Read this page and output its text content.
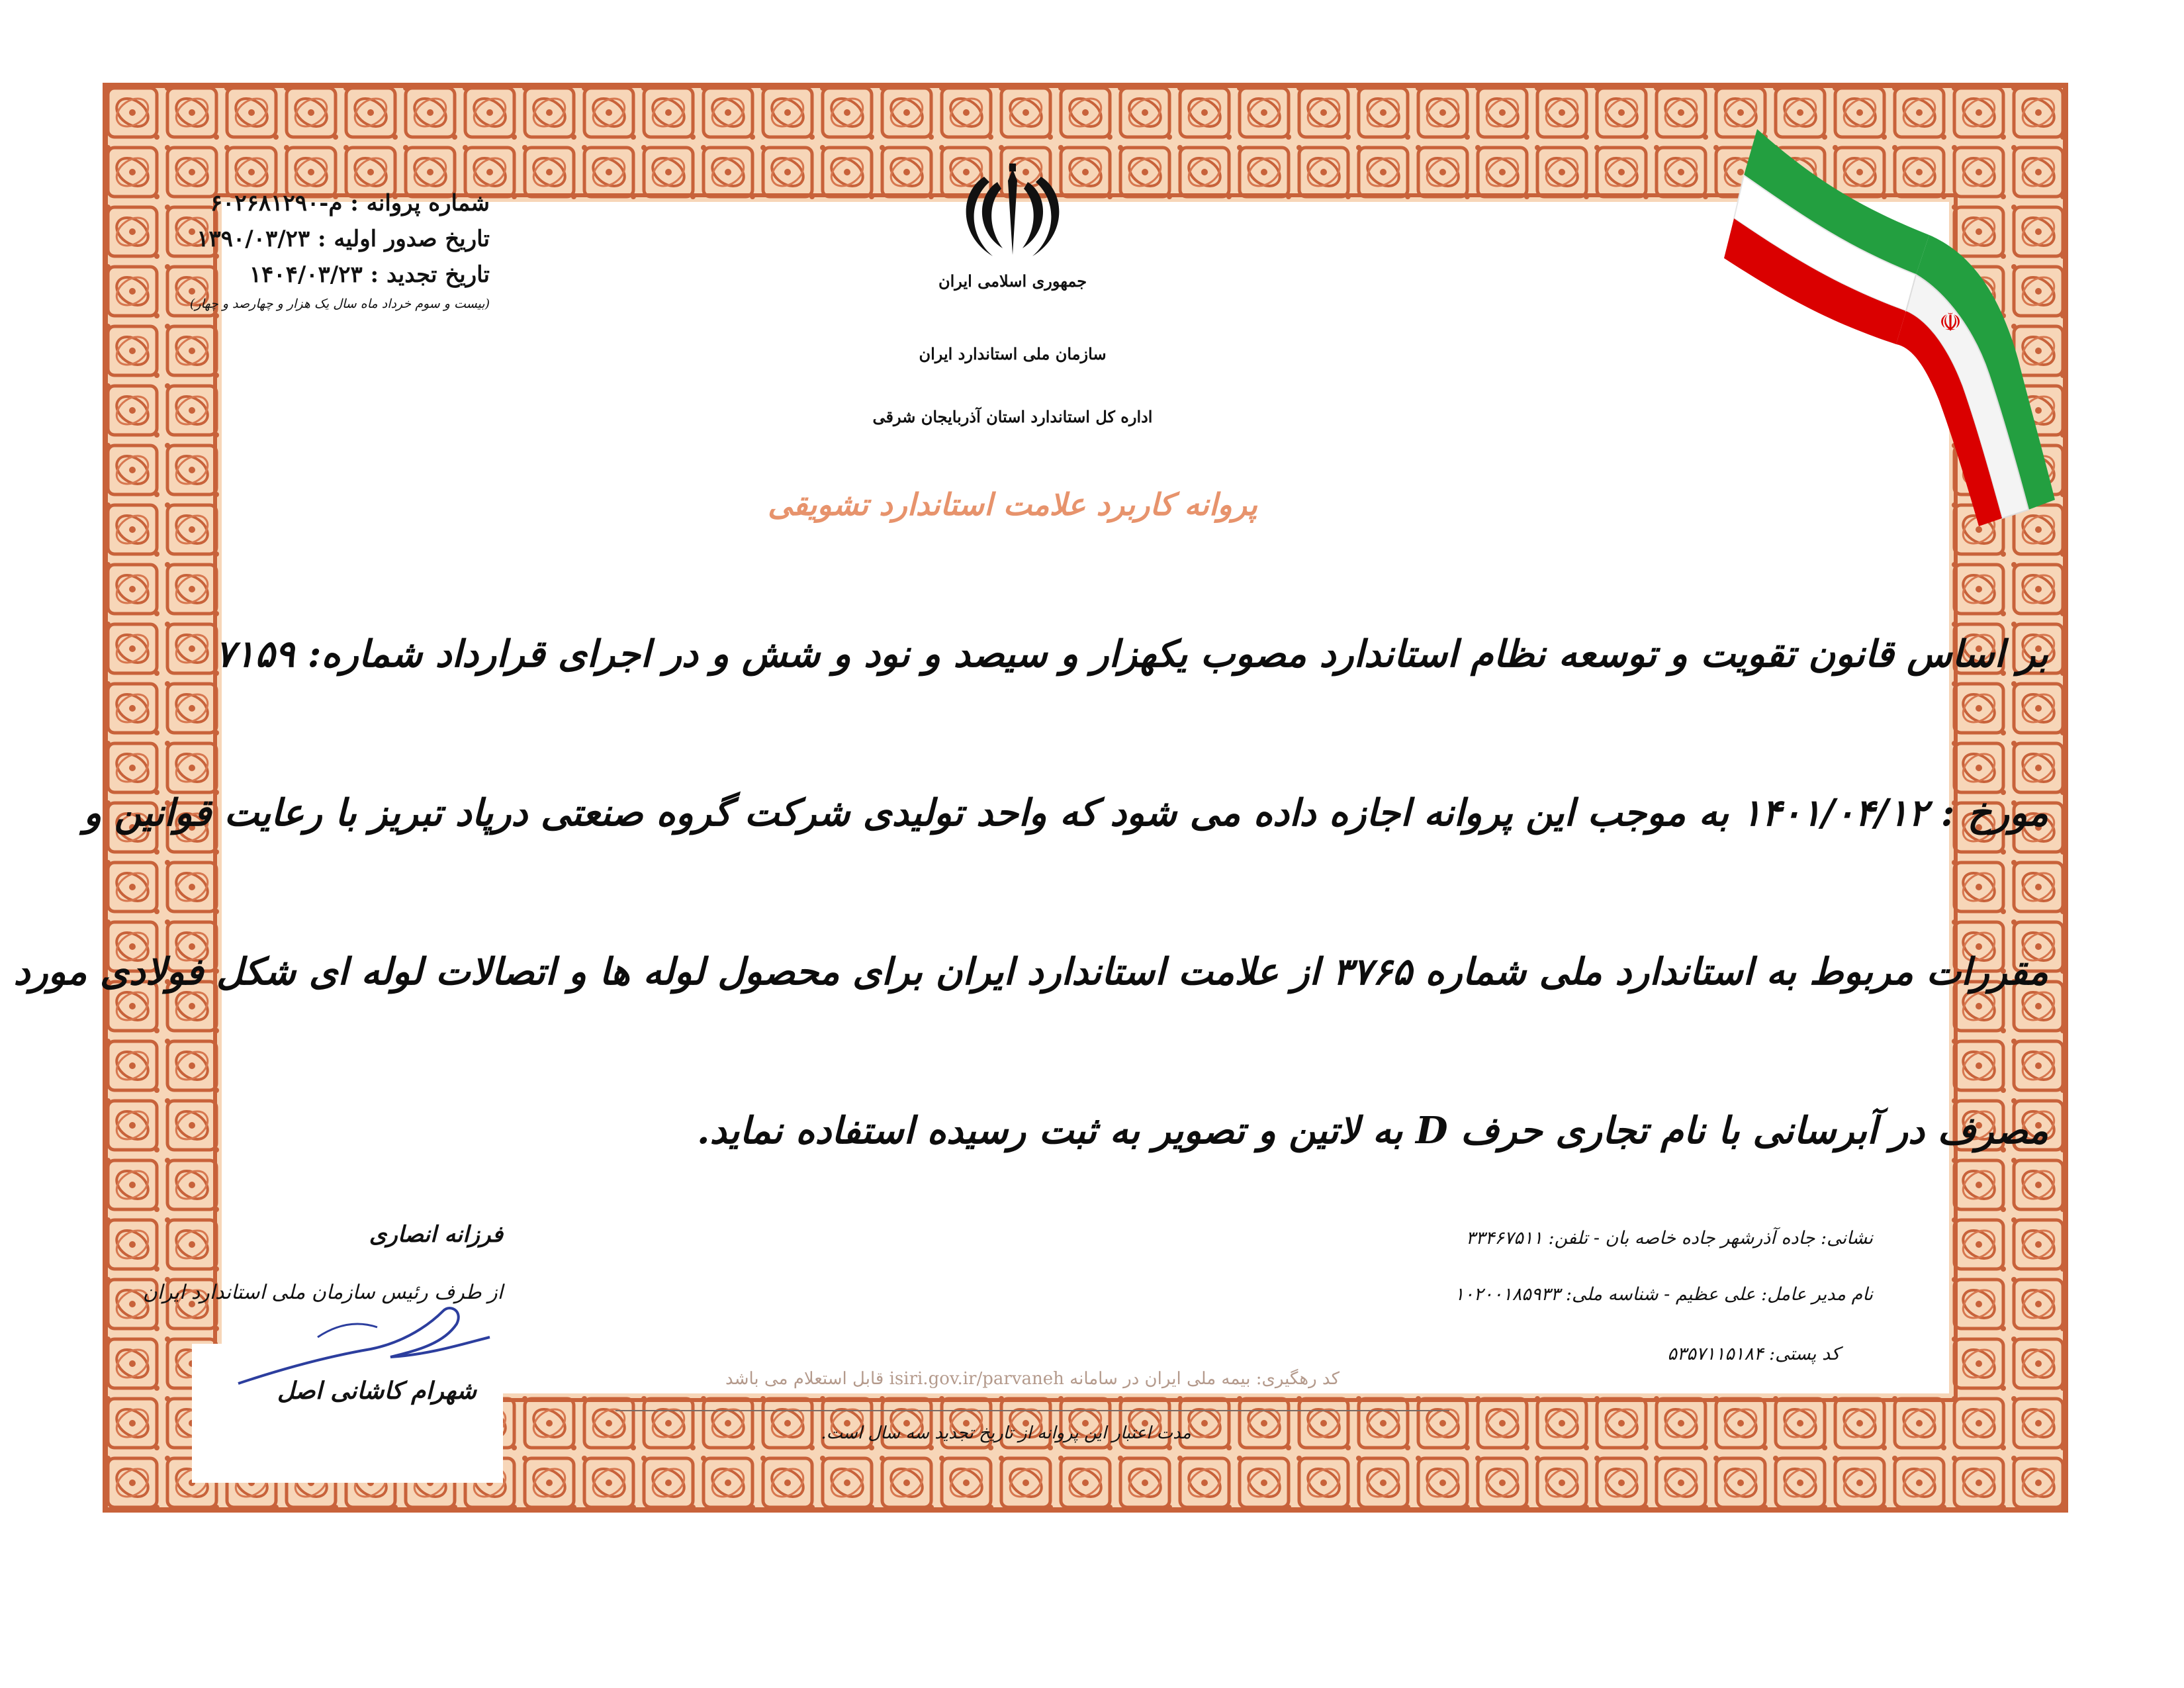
☫
شماره پروانه : م-۶۰۲۶۸۱۲۹۰
تاریخ صدور اولیه : ۱۳۹۰/۰۳/۲۳
تاریخ تجدید : ۱۴۰۴/۰۳/۲۳
(بیست و سوم خرداد ماه سال یک هزار و چهارصد و چهار)
جمهوری اسلامی ایران
سازمان ملی استاندارد ایران
اداره کل استاندارد استان آذربایجان شرقی
پروانه کاربرد علامت استاندارد تشویقی
بر اساس قانون تقویت و توسعه نظام استاندارد مصوب یکهزار و سیصد و نود و شش و در اجرای قرارداد شماره: ۷۱۵۹
مورخ : ۱۴۰۱/۰۴/۱۲ به موجب این پروانه اجازه داده می شود که واحد تولیدی شرکت گروه صنعتی درپاد تبریز با رعایت قوانین و
مقررات مربوط به استاندارد ملی شماره ۳۷۶۵ از علامت استاندارد ایران برای محصول لوله ها و اتصالات لوله ای شکل فولادی مورد
مصرف در آبرسانی با نام تجاری حرف D به لاتین و تصویر به ثبت رسیده استفاده نماید.
نشانی: جاده آذرشهر جاده خاصه بان - تلفن: ۳۳۴۶۷۵۱۱
نام مدیر عامل: علی عظیم - شناسه ملی: ۱۰۲۰۰۱۸۵۹۳۳
کد پستی: ۵۳۵۷۱۱۵۱۸۴
فرزانه انصاری
از طرف رئیس سازمان ملی استاندارد ایران
شهرام کاشانی اصل	کد رهگیری: بیمه ملی ایران در سامانه isiri.gov.ir/parvaneh قابل استعلام می باشد
مدت اعتبار این پروانه از تاریخ تجدید سه سال است.
